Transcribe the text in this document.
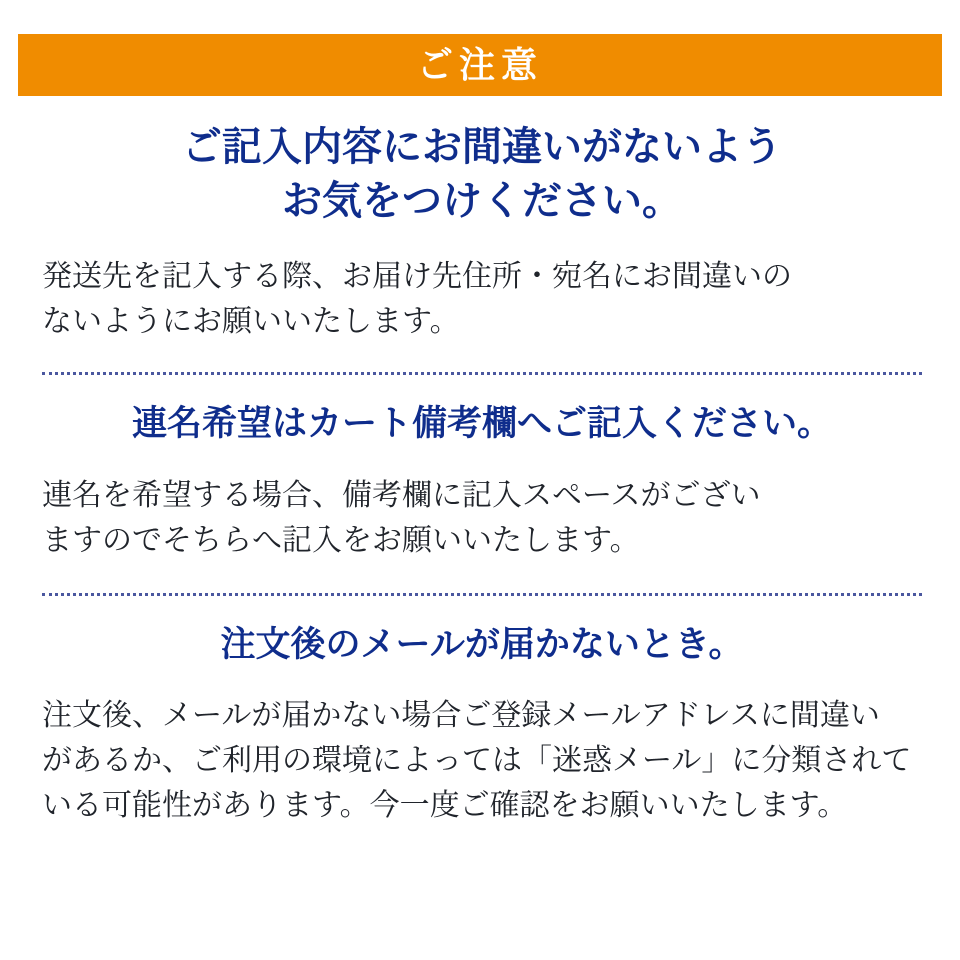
ご注意
ご記入内容にお間違いがないよう
お気をつけください。
発送先を記入する際、お届け先住所・宛名にお間違いの
ないようにお願いいたします。
連名希望はカート備考欄へご記入ください。
連名を希望する場合、備考欄に記入スペースがござい
ますのでそちらへ記入をお願いいたします。
注文後のメールが届かないとき。
注文後、メールが届かない場合ご登録メールアドレスに間違い
があるか、ご利用の環境によっては「迷惑メール」に分類されて
いる可能性があります。今一度ご確認をお願いいたします。
